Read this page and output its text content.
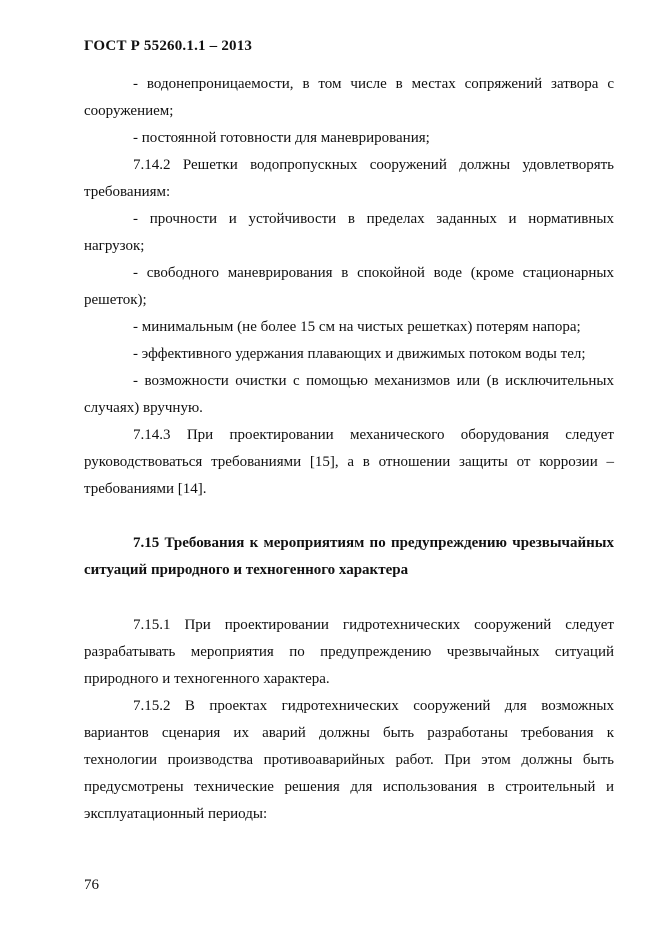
ГОСТ Р 55260.1.1 – 2013

- водонепроницаемости, в том числе в местах сопряжений затвора с сооружением;

- постоянной готовности для маневрирования;

7.14.2 Решетки водопропускных сооружений должны удовлетворять требованиям:

- прочности и устойчивости в пределах заданных и нормативных нагрузок;

- свободного маневрирования в спокойной воде (кроме стационарных решеток);

- минимальным (не более 15 см на чистых решетках) потерям напора;

- эффективного удержания плавающих и движимых потоком воды тел;

- возможности очистки с помощью механизмов или (в исключительных случаях) вручную.

7.14.3 При проектировании механического оборудования следует руководствоваться требованиями [15], а в отношении защиты от коррозии – требованиями [14].

7.15 Требования к мероприятиям по предупреждению чрезвычайных ситуаций природного и техногенного характера

7.15.1 При проектировании гидротехнических сооружений следует разрабатывать мероприятия по предупреждению чрезвычайных ситуаций природного и техногенного характера.

7.15.2 В проектах гидротехнических сооружений для возможных вариантов сценария их аварий должны быть разработаны требования к технологии производства противоаварийных работ. При этом должны быть предусмотрены технические решения для использования в строительный и эксплуатационный периоды:

76
